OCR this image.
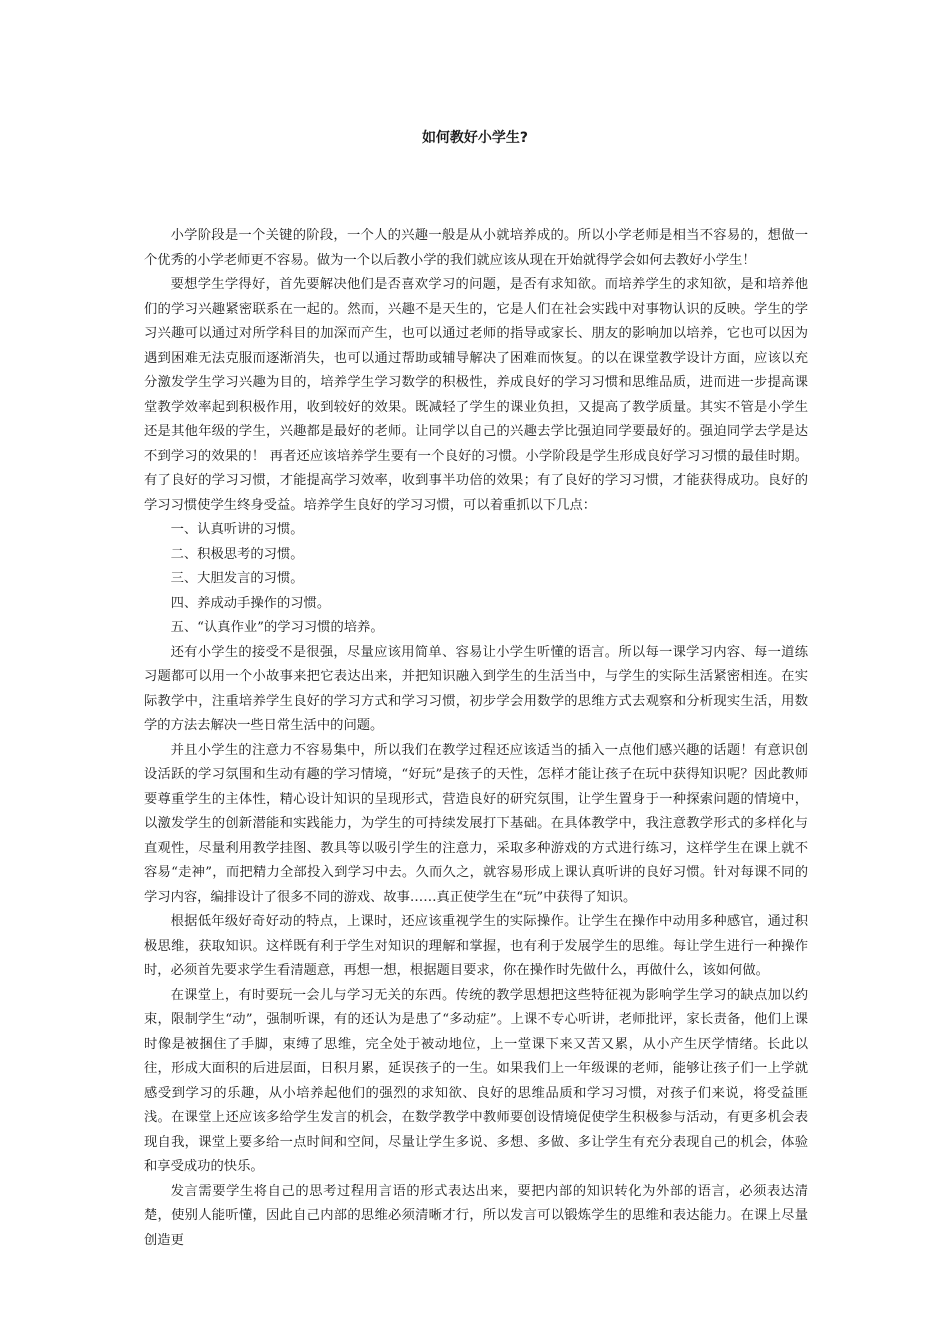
如何教好小学生?

小学阶段是一个关键的阶段，一个人的兴趣一般是从小就培养成的。所以小学老师是相当不容易的，想做一个优秀的小学老师更不容易。做为一个以后教小学的我们就应该从现在开始就得学会如何去教好小学生！

要想学生学得好，首先要解决他们是否喜欢学习的问题，是否有求知欲。而培养学生的求知欲，是和培养他们的学习兴趣紧密联系在一起的。然而，兴趣不是天生的，它是人们在社会实践中对事物认识的反映。学生的学习兴趣可以通过对所学科目的加深而产生，也可以通过老师的指导或家长、朋友的影响加以培养，它也可以因为遇到困难无法克服而逐渐消失，也可以通过帮助或辅导解决了困难而恢复。的以在课堂教学设计方面，应该以充分激发学生学习兴趣为目的，培养学生学习数学的积极性，养成良好的学习习惯和思维品质，进而进一步提高课堂教学效率起到积极作用，收到较好的效果。既减轻了学生的课业负担，又提高了教学质量。其实不管是小学生还是其他年级的学生，兴趣都是最好的老师。让同学以自己的兴趣去学比强迫同学要最好的。强迫同学去学是达不到学习的效果的！ 再者还应该培养学生要有一个良好的习惯。小学阶段是学生形成良好学习习惯的最佳时期。有了良好的学习习惯，才能提高学习效率，收到事半功倍的效果；有了良好的学习习惯，才能获得成功。良好的学习习惯使学生终身受益。培养学生良好的学习习惯，可以着重抓以下几点：

一、认真听讲的习惯。

二、积极思考的习惯。

三、大胆发言的习惯。

四、养成动手操作的习惯。

五、“认真作业”的学习习惯的培养。

还有小学生的接受不是很强，尽量应该用简单、容易让小学生听懂的语言。所以每一课学习内容、每一道练习题都可以用一个小故事来把它表达出来，并把知识融入到学生的生活当中，与学生的实际生活紧密相连。在实际教学中，注重培养学生良好的学习方式和学习习惯，初步学会用数学的思维方式去观察和分析现实生活，用数学的方法去解决一些日常生活中的问题。

并且小学生的注意力不容易集中，所以我们在教学过程还应该适当的插入一点他们感兴趣的话题！有意识创设活跃的学习氛围和生动有趣的学习情境，“好玩”是孩子的天性，怎样才能让孩子在玩中获得知识呢？因此教师要尊重学生的主体性，精心设计知识的呈现形式，营造良好的研究氛围，让学生置身于一种探索问题的情境中，以激发学生的创新潜能和实践能力，为学生的可持续发展打下基础。在具体教学中，我注意教学形式的多样化与直观性，尽量利用教学挂图、教具等以吸引学生的注意力，采取多种游戏的方式进行练习，这样学生在课上就不容易“走神”，而把精力全部投入到学习中去。久而久之，就容易形成上课认真听讲的良好习惯。针对每课不同的学习内容，编排设计了很多不同的游戏、故事……真正使学生在“玩”中获得了知识。

根据低年级好奇好动的特点，上课时，还应该重视学生的实际操作。让学生在操作中动用多种感官，通过积极思维，获取知识。这样既有利于学生对知识的理解和掌握，也有利于发展学生的思维。每让学生进行一种操作时，必须首先要求学生看清题意，再想一想，根据题目要求，你在操作时先做什么，再做什么，该如何做。

在课堂上，有时要玩一会儿与学习无关的东西。传统的教学思想把这些特征视为影响学生学习的缺点加以约束，限制学生“动”，强制听课，有的还认为是患了“多动症”。上课不专心听讲，老师批评，家长责备，他们上课时像是被捆住了手脚，束缚了思维，完全处于被动地位，上一堂课下来又苦又累，从小产生厌学情绪。长此以往，形成大面积的后进层面，日积月累，延误孩子的一生。如果我们上一年级课的老师，能够让孩子们一上学就感受到学习的乐趣，从小培养起他们的强烈的求知欲、良好的思维品质和学习习惯，对孩子们来说，将受益匪浅。在课堂上还应该多给学生发言的机会，在数学教学中教师要创设情境促使学生积极参与活动，有更多机会表现自我，课堂上要多给一点时间和空间，尽量让学生多说、多想、多做、多让学生有充分表现自己的机会，体验和享受成功的快乐。

发言需要学生将自己的思考过程用言语的形式表达出来，要把内部的知识转化为外部的语言，必须表达清楚，使别人能听懂，因此自己内部的思维必须清晰才行，所以发言可以锻炼学生的思维和表达能力。在课上尽量创造更
